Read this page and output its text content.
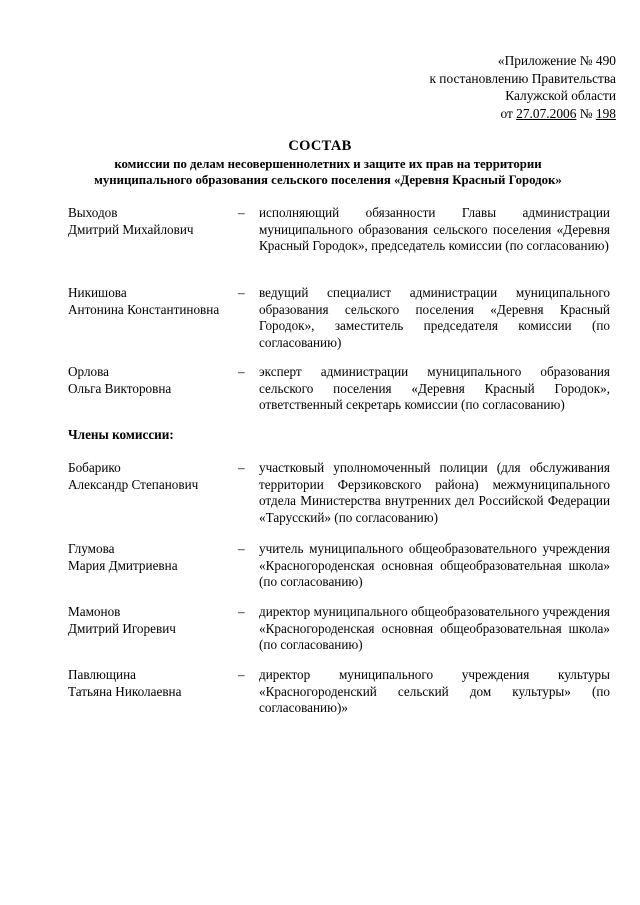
«Приложение № 490
к постановлению Правительства
Калужской области
от 27.07.2006 № 198
СОСТАВ
комиссии по делам несовершеннолетних и защите их прав на территории муниципального образования сельского поселения «Деревня Красный Городок»
Выходов
Дмитрий Михайлович
– исполняющий обязанности Главы администрации муниципального образования сельского поселения «Деревня Красный Городок», председатель комиссии (по согласованию)
Никишова
Антонина Константиновна
– ведущий специалист администрации муниципального образования сельского поселения «Деревня Красный Городок», заместитель председателя комиссии (по согласованию)
Орлова
Ольга Викторовна
– эксперт администрации муниципального образования сельского поселения «Деревня Красный Городок», ответственный секретарь комиссии (по согласованию)
Члены комиссии:
Бобарико
Александр Степанович
– участковый уполномоченный полиции (для обслуживания территории Ферзиковского района) межмуниципального отдела Министерства внутренних дел Российской Федерации «Тарусский» (по согласованию)
Глумова
Мария Дмитриевна
– учитель муниципального общеобразовательного учреждения «Красногороденская основная общеобразовательная школа» (по согласованию)
Мамонов
Дмитрий Игоревич
– директор муниципального общеобразовательного учреждения «Красногороденская основная общеобразовательная школа» (по согласованию)
Павлющина
Татьяна Николаевна
– директор муниципального учреждения культуры «Красногороденский сельский дом культуры» (по согласованию)»
